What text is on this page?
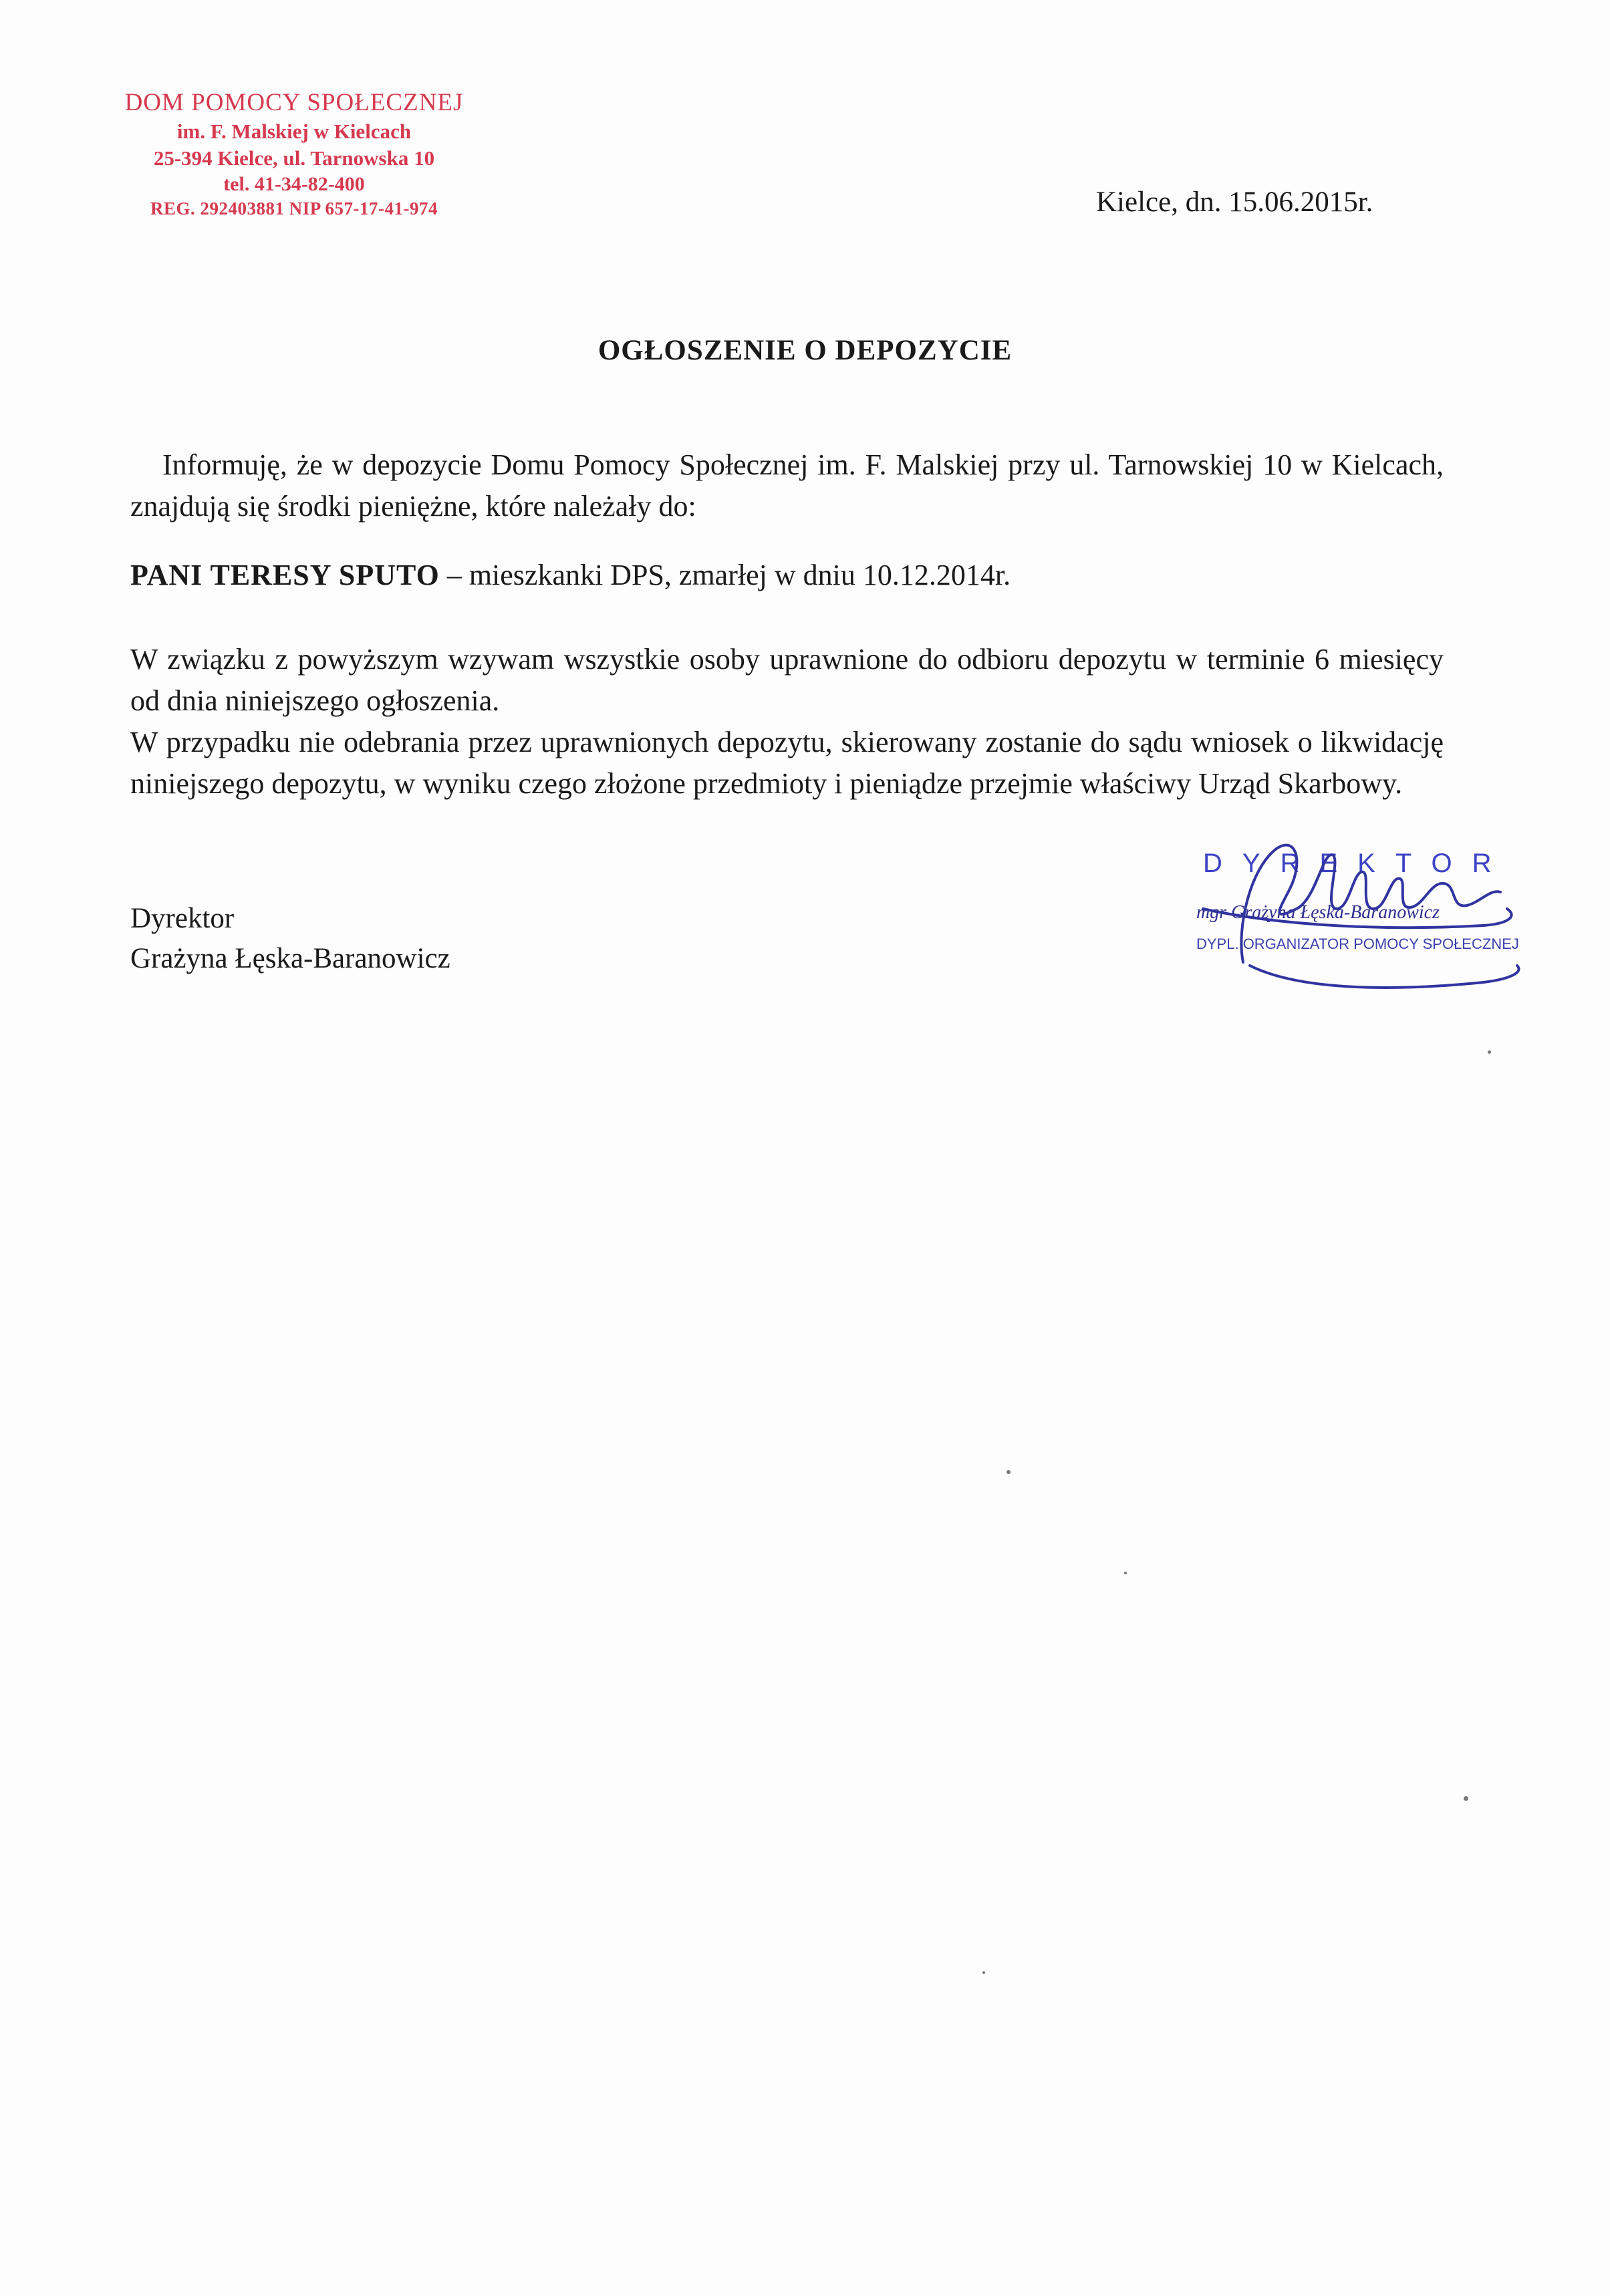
DOM POMOCY SPOŁECZNEJ
im. F. Malskiej w Kielcach
25-394 Kielce, ul. Tarnowska 10
tel. 41-34-82-400
REG. 292403881 NIP 657-17-41-974	Kielce, dn. 15.06.2015r.
OGŁOSZENIE O DEPOZYCIE
Informuję, że w depozycie Domu Pomocy Społecznej im. F. Malskiej przy ul. Tarnowskiej 10 w Kielcach, znajdują się środki pieniężne, które należały do:
PANI TERESY SPUTO – mieszkanki DPS, zmarłej w dniu 10.12.2014r.
W związku z powyższym wzywam wszystkie osoby uprawnione do odbioru depozytu w terminie 6 miesięcy od dnia niniejszego ogłoszenia.
W przypadku nie odebrania przez uprawnionych depozytu, skierowany zostanie do sądu wniosek o likwidację niniejszego depozytu, w wyniku czego złożone przedmioty i pieniądze przejmie właściwy Urząd Skarbowy.
Dyrektor
Grażyna Łęska-Baranowicz
DYREKTOR
mgr Grażyna Łęska-Baranowicz
DYPL. ORGANIZATOR POMOCY SPOŁECZNEJ
